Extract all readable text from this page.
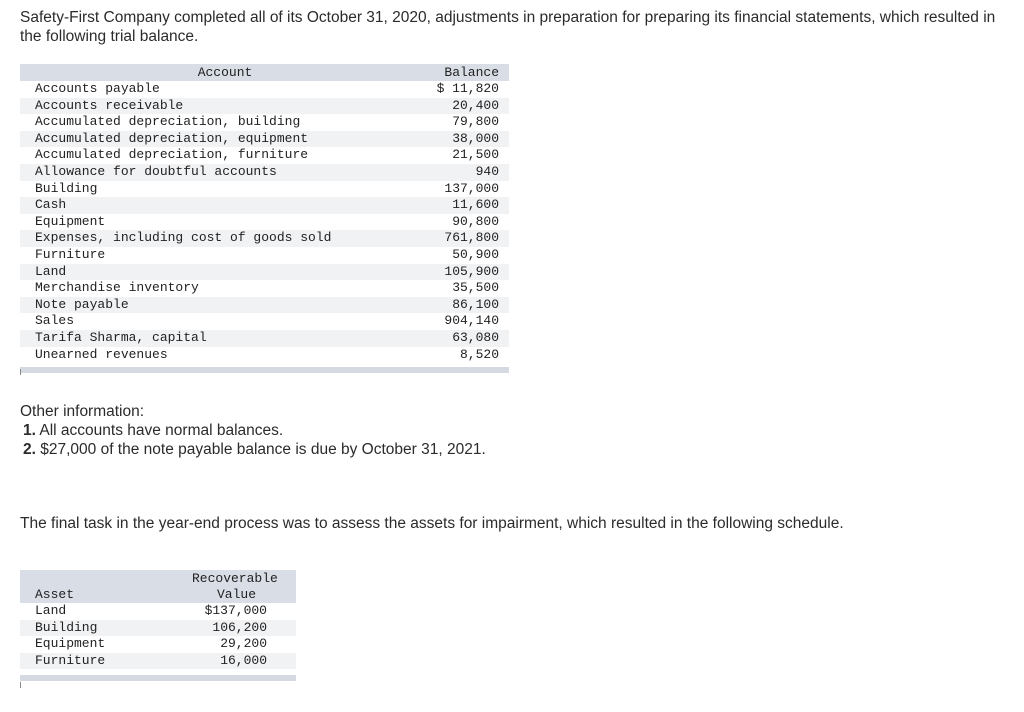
Safety-First Company completed all of its October 31, 2020, adjustments in preparation for preparing its financial statements, which resulted in the following trial balance.
Account	Balance
Accounts payable	$ 11,820
Accounts receivable	20,400
Accumulated depreciation, building	79,800
Accumulated depreciation, equipment	38,000
Accumulated depreciation, furniture	21,500
Allowance for doubtful accounts	940
Building	137,000
Cash	11,600
Equipment	90,800
Expenses, including cost of goods sold	761,800
Furniture	50,900
Land	105,900
Merchandise inventory	35,500
Note payable	86,100
Sales	904,140
Tarifa Sharma, capital	63,080
Unearned revenues	8,520
Other information:
1. All accounts have normal balances.
2. $27,000 of the note payable balance is due by October 31, 2021.
The final task in the year-end process was to assess the assets for impairment, which resulted in the following schedule.
Recoverable
Asset	Value
Land	$137,000
Building	106,200
Equipment	29,200
Furniture	16,000
